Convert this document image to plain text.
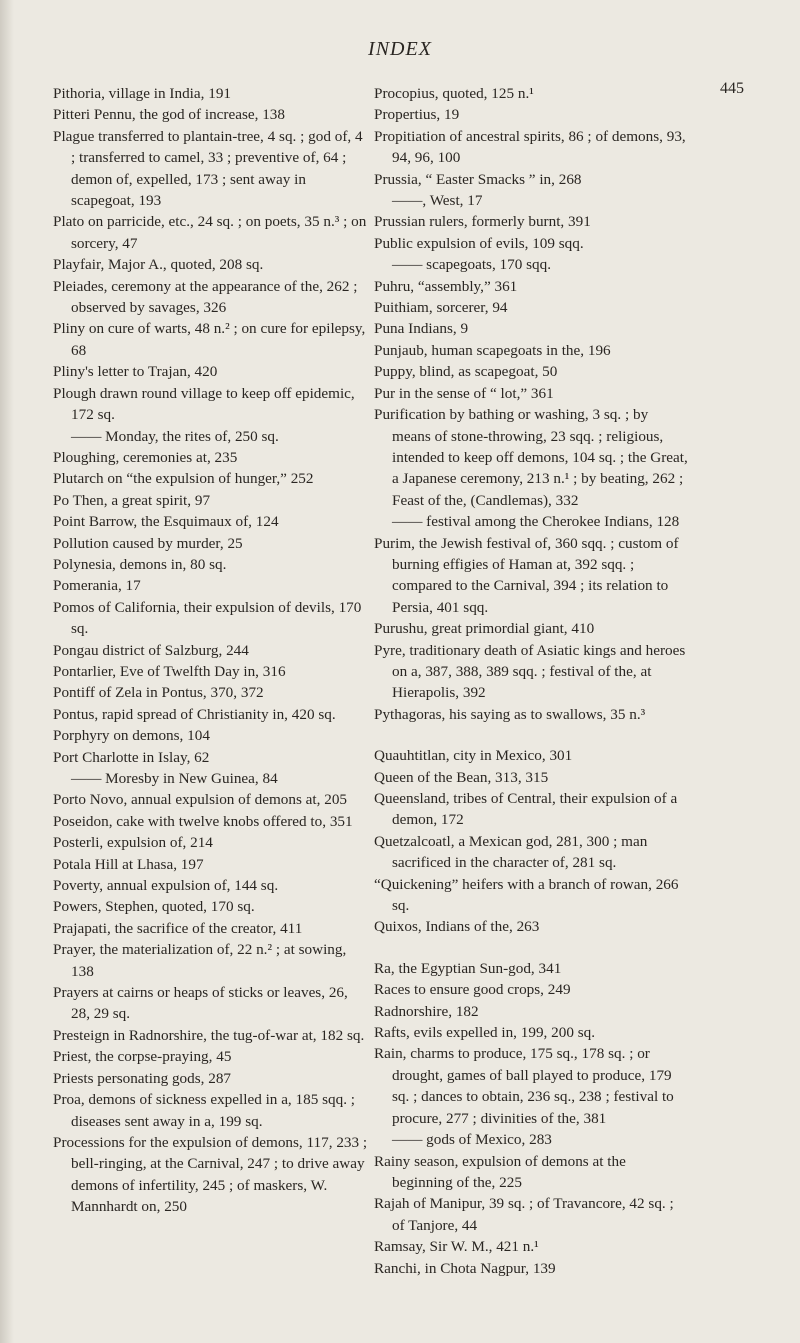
INDEX
445

Pithoria, village in India, 191

Pitteri Pennu, the god of increase, 138

Plague transferred to plantain-tree, 4 sq. ; god of, 4 ; transferred to camel, 33 ; preventive of, 64 ; demon of, expelled, 173 ; sent away in scapegoat, 193

Plato on parricide, etc., 24 sq. ; on poets, 35 n.³ ; on sorcery, 47

Playfair, Major A., quoted, 208 sq.

Pleiades, ceremony at the appearance of the, 262 ; observed by savages, 326

Pliny on cure of warts, 48 n.² ; on cure for epilepsy, 68

Pliny's letter to Trajan, 420

Plough drawn round village to keep off epidemic, 172 sq.

—— Monday, the rites of, 250 sq.

Ploughing, ceremonies at, 235

Plutarch on “the expulsion of hunger,” 252

Po Then, a great spirit, 97

Point Barrow, the Esquimaux of, 124

Pollution caused by murder, 25

Polynesia, demons in, 80 sq.

Pomerania, 17

Pomos of California, their expulsion of devils, 170 sq.

Pongau district of Salzburg, 244

Pontarlier, Eve of Twelfth Day in, 316

Pontiff of Zela in Pontus, 370, 372

Pontus, rapid spread of Christianity in, 420 sq.

Porphyry on demons, 104

Port Charlotte in Islay, 62

—— Moresby in New Guinea, 84

Porto Novo, annual expulsion of demons at, 205

Poseidon, cake with twelve knobs offered to, 351

Posterli, expulsion of, 214

Potala Hill at Lhasa, 197

Poverty, annual expulsion of, 144 sq.

Powers, Stephen, quoted, 170 sq.

Prajapati, the sacrifice of the creator, 411

Prayer, the materialization of, 22 n.² ; at sowing, 138

Prayers at cairns or heaps of sticks or leaves, 26, 28, 29 sq.

Presteign in Radnorshire, the tug-of-war at, 182 sq.

Priest, the corpse-praying, 45

Priests personating gods, 287

Proa, demons of sickness expelled in a, 185 sqq. ; diseases sent away in a, 199 sq.

Processions for the expulsion of demons, 117, 233 ; bell-ringing, at the Carnival, 247 ; to drive away demons of infertility, 245 ; of maskers, W. Mannhardt on, 250

Procopius, quoted, 125 n.¹

Propertius, 19

Propitiation of ancestral spirits, 86 ; of demons, 93, 94, 96, 100

Prussia, “ Easter Smacks ” in, 268

——, West, 17

Prussian rulers, formerly burnt, 391

Public expulsion of evils, 109 sqq.

—— scapegoats, 170 sqq.

Puhru, “assembly,” 361

Puithiam, sorcerer, 94

Puna Indians, 9

Punjaub, human scapegoats in the, 196

Puppy, blind, as scapegoat, 50

Pur in the sense of “ lot,” 361

Purification by bathing or washing, 3 sq. ; by means of stone-throwing, 23 sqq. ; religious, intended to keep off demons, 104 sq. ; the Great, a Japanese ceremony, 213 n.¹ ; by beating, 262 ; Feast of the, (Candlemas), 332

—— festival among the Cherokee Indians, 128

Purim, the Jewish festival of, 360 sqq. ; custom of burning effigies of Haman at, 392 sqq. ; compared to the Carnival, 394 ; its relation to Persia, 401 sqq.

Purushu, great primordial giant, 410

Pyre, traditionary death of Asiatic kings and heroes on a, 387, 388, 389 sqq. ; festival of the, at Hierapolis, 392

Pythagoras, his saying as to swallows, 35 n.³

Quauhtitlan, city in Mexico, 301

Queen of the Bean, 313, 315

Queensland, tribes of Central, their expulsion of a demon, 172

Quetzalcoatl, a Mexican god, 281, 300 ; man sacrificed in the character of, 281 sq.

“Quickening” heifers with a branch of rowan, 266 sq.

Quixos, Indians of the, 263

Ra, the Egyptian Sun-god, 341

Races to ensure good crops, 249

Radnorshire, 182

Rafts, evils expelled in, 199, 200 sq.

Rain, charms to produce, 175 sq., 178 sq. ; or drought, games of ball played to produce, 179 sq. ; dances to obtain, 236 sq., 238 ; festival to procure, 277 ; divinities of the, 381

—— gods of Mexico, 283

Rainy season, expulsion of demons at the beginning of the, 225

Rajah of Manipur, 39 sq. ; of Travancore, 42 sq. ; of Tanjore, 44

Ramsay, Sir W. M., 421 n.¹

Ranchi, in Chota Nagpur, 139
